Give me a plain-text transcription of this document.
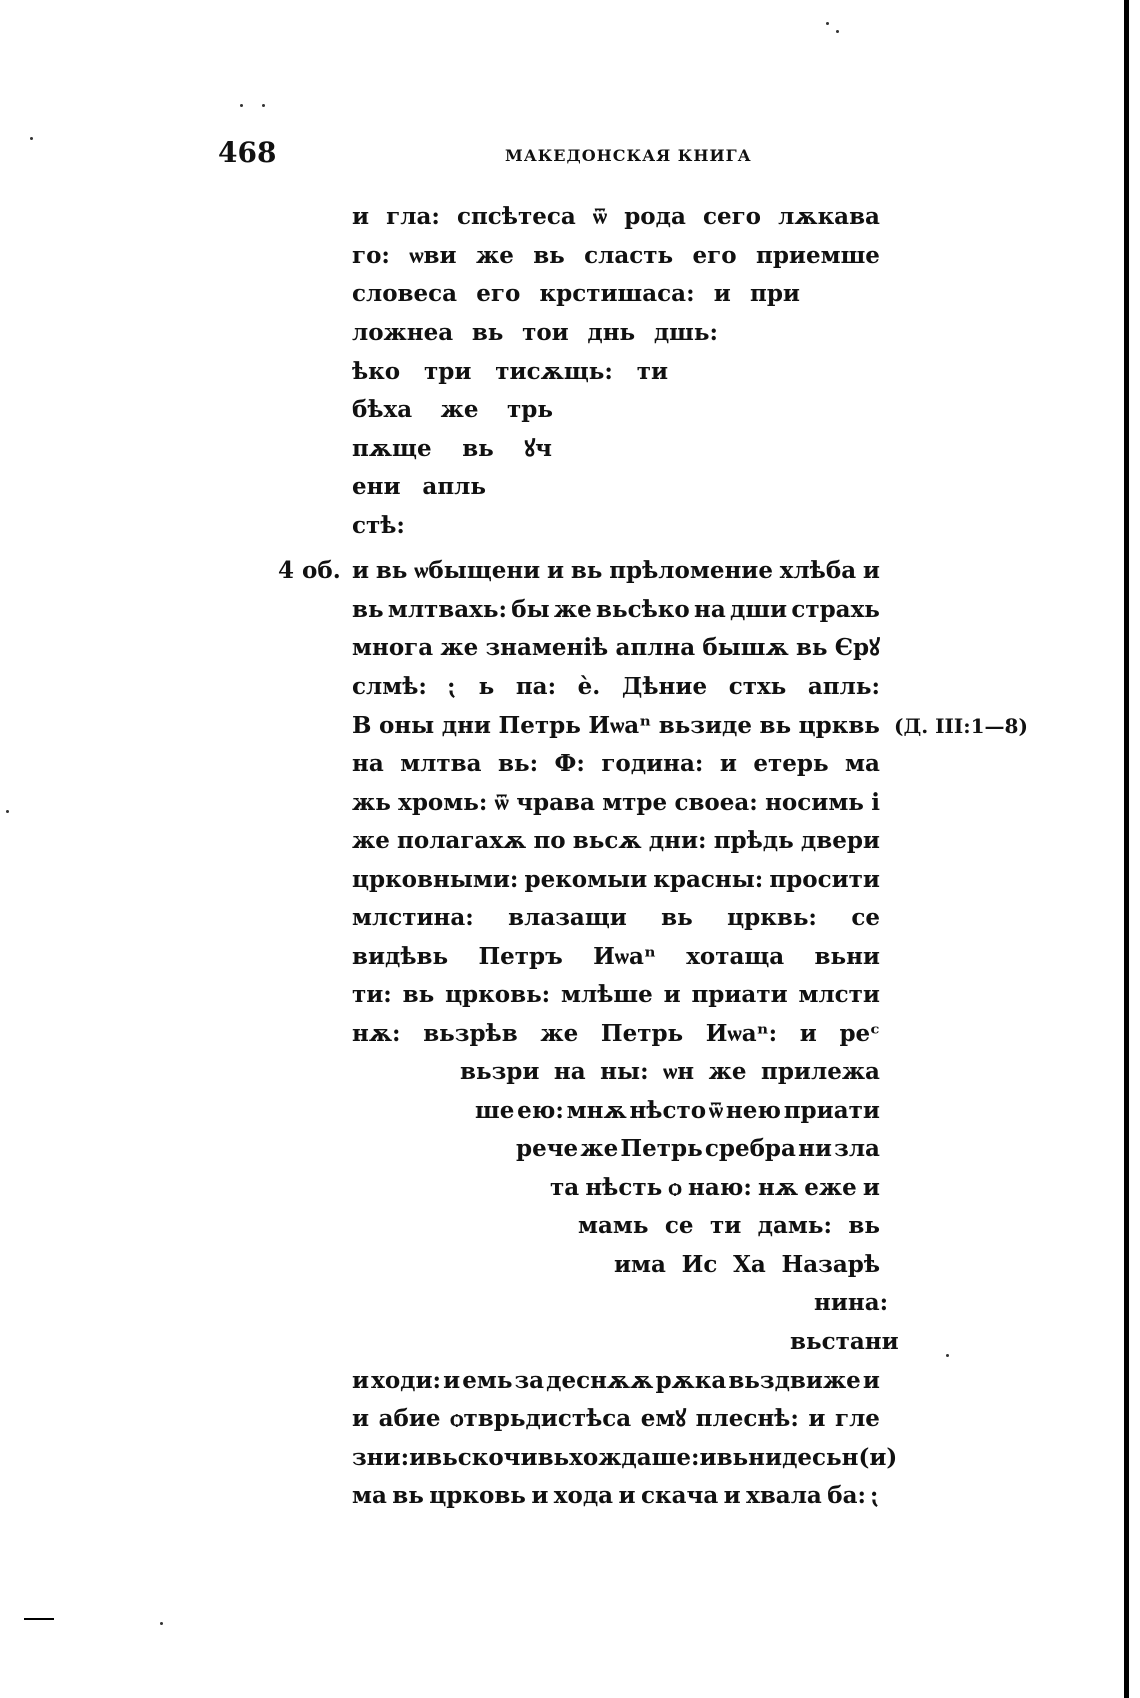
468	МАКЕДОНСКАЯ КНИГА
4 об.
(Д. III:1—8)
и гла: спсѣтеса ѿ рода сего лѫкава
го: ѡви же вь сласть его приемше
словеса его крстишаса: и при
ложнеа вь тои днь дшь:
ѣко три тисѫщь: ти
бѣха же трь
пѫще вь ꙋч
ени апль
стѣ:
и вь ѡбыщени и вь прѣломение хлѣба и
вь млтвахь: бы же вьсѣко на дши страхь
многа же знаменіѣ аплна бышѫ вь Єрꙋ
слмѣ: ⁏ ь па: ѐ. Дѣние стхь апль:
В оны дни Петрь Иѡаⁿ вьзиде вь црквь
на млтва вь: Ф: година: и етерь ма
жь хромь: ѿ чрава мтре своеа: носимь і
же полагахѫ по вьсѫ дни: прѣдь двери
црковными: рекомыи красны: просити
млстина: влазащи вь црквь: се
видѣвь Петръ Иѡаⁿ хотаща вьни
ти: вь црковь: млѣше и приати млсти
нѫ: вьзрѣв же Петрь Иѡаⁿ: и реᶜ
вьзри на ны: ѡн же прилежа
ше ею: мнѫ нѣсто ѿ нею приати
рече же Петрь сребра ни зла
та нѣсть ѻ наю: нѫ еже и
мамь се ти дамь: вь
има Ис Ха Назарѣ
нина:
вьстани
и ходи: и емь за деснѫѫ рѫка вьздвиже и
и абие ѻтврьдистѣса емꙋ плеснѣ: и гле
зни: и вьскочивь хождаше: и вьниде сь н(и)
ма вь црковь и хода и скача и хвала ба: ⁏
